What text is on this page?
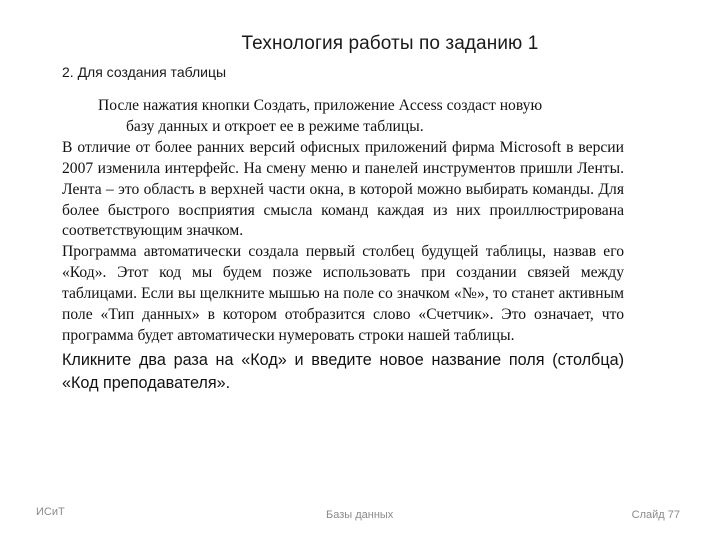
Технология работы по заданию 1
2. Для создания таблицы

После нажатия кнопки Создать, приложение Access создаст новую
базу данных и откроет ее в режиме таблицы.

В отличие от более ранних версий офисных приложений фирма Microsoft в версии 2007 изменила интерфейс. На смену меню и панелей инструментов пришли Ленты. Лента – это область в верхней части окна, в которой можно выбирать команды. Для более быстрого восприятия смысла команд каждая из них проиллюстрирована соответствующим значком.

Программа автоматически создала первый столбец будущей таблицы, назвав его «Код». Этот код мы будем позже использовать при создании связей между таблицами. Если вы щелкните мышью на поле со значком «№», то станет активным поле «Тип данных» в котором отобразится слово «Счетчик». Это означает, что программа будет автоматически нумеровать строки нашей таблицы.

Кликните два раза на «Код» и введите новое название поля (столбца) «Код преподавателя».

ИСиТ	Базы данных	Слайд 77
